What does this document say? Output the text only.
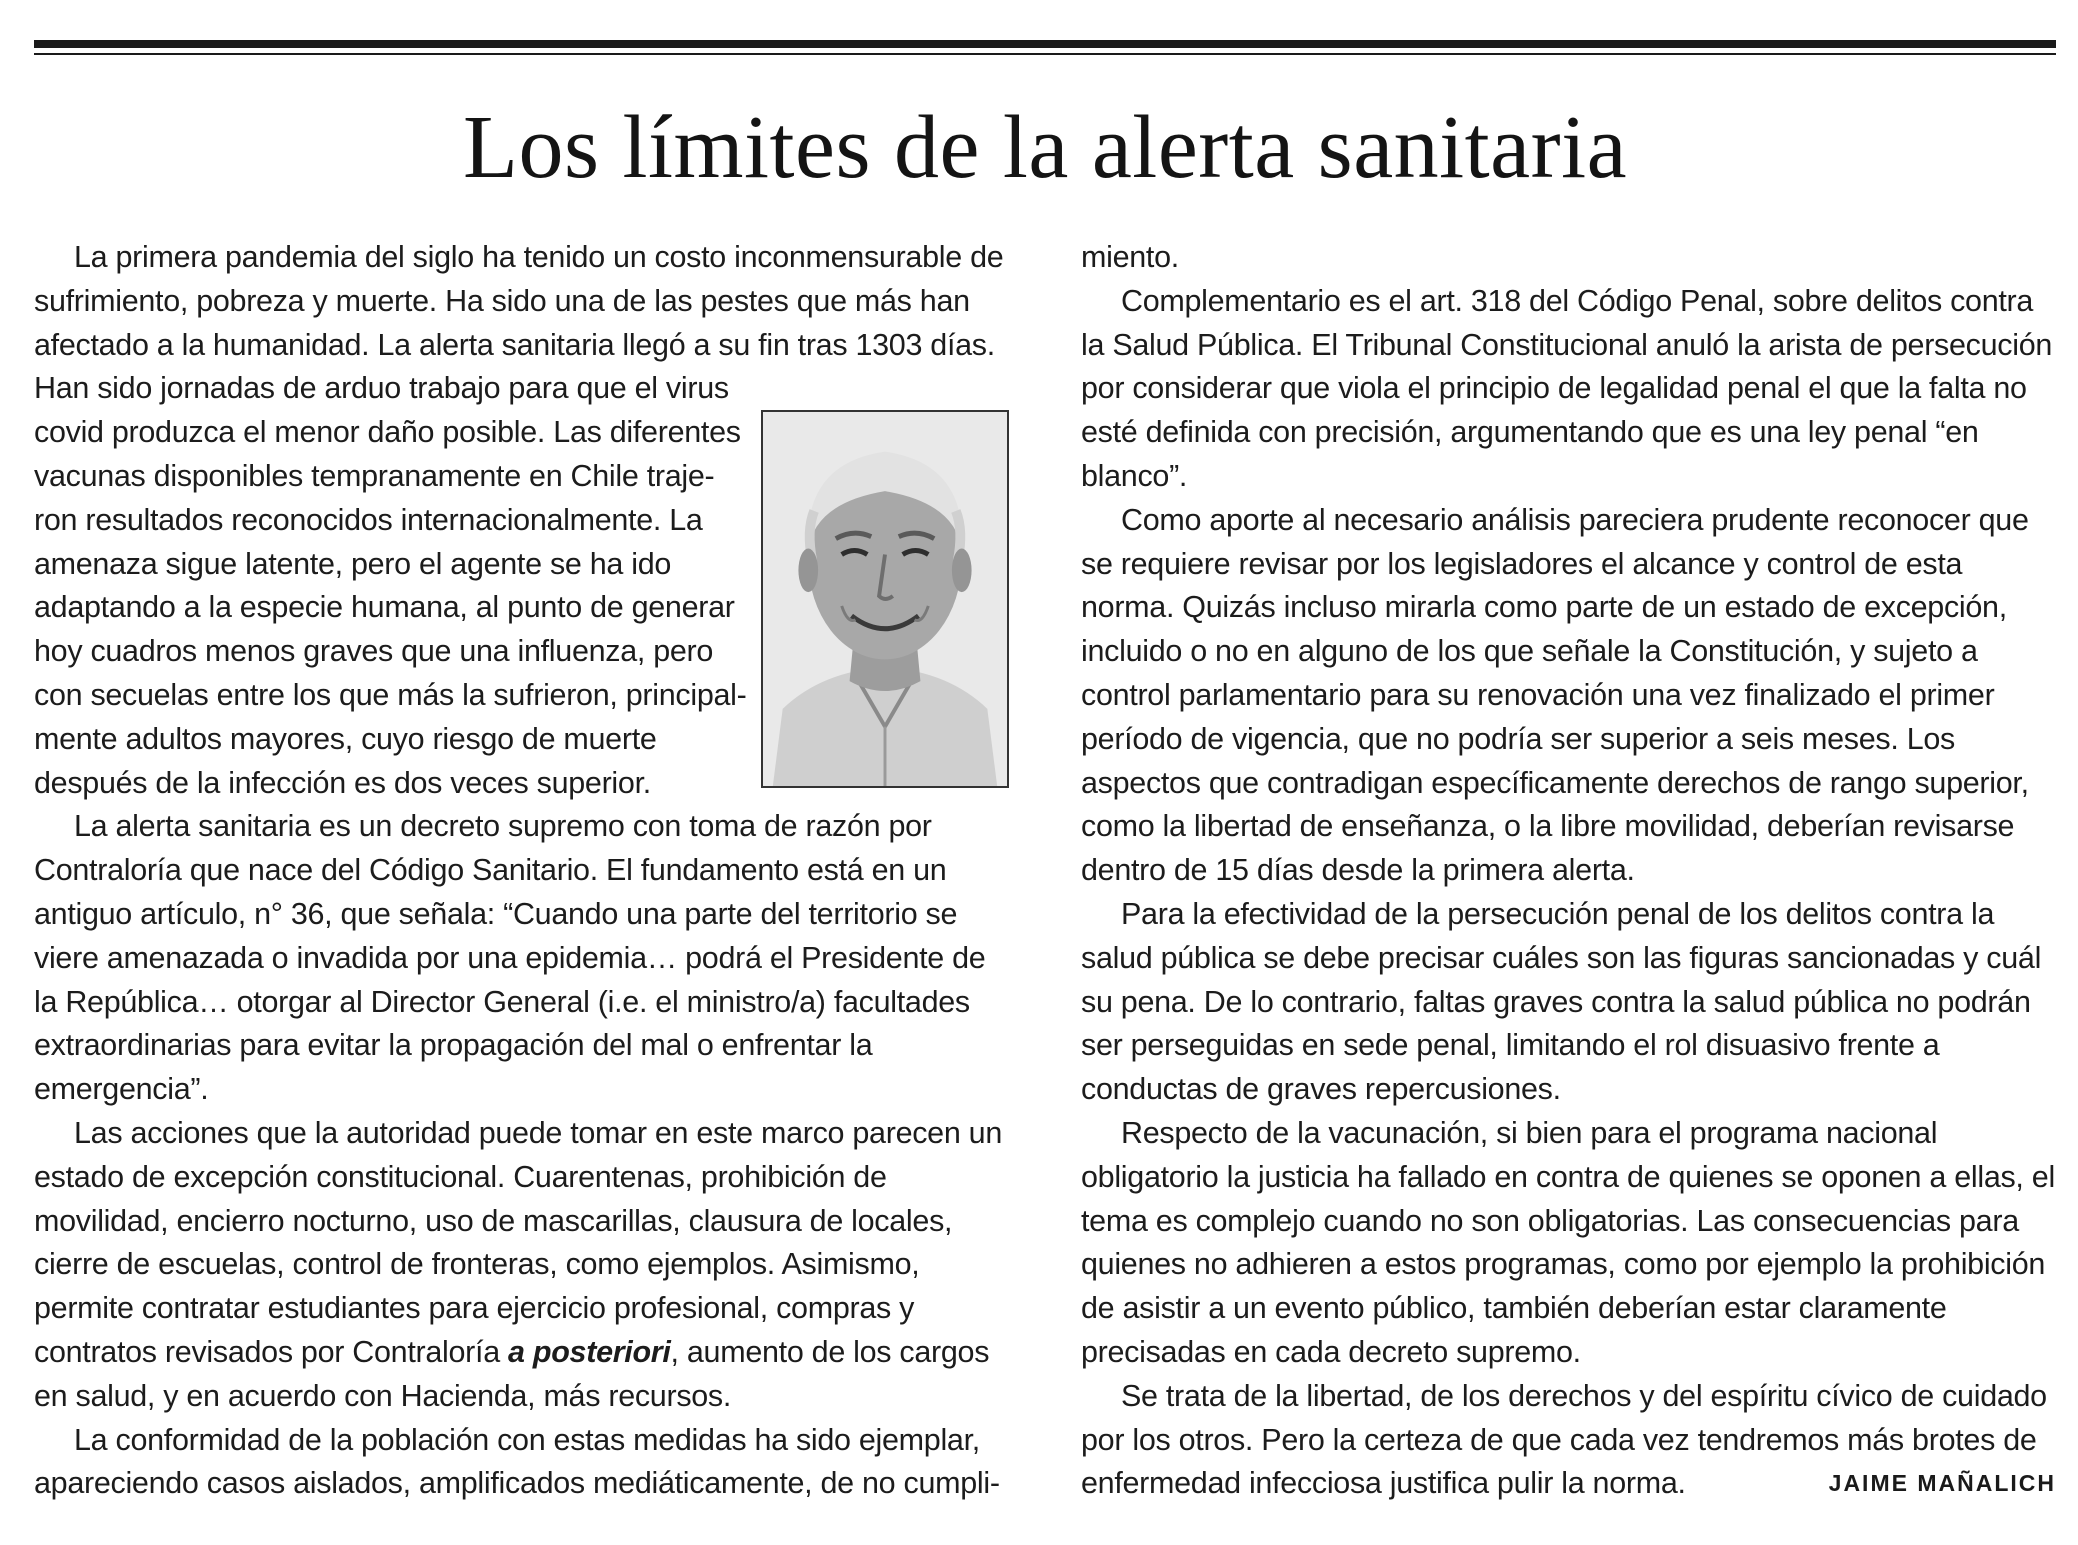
Los límites de la alerta sanitaria

La primera pandemia del siglo ha tenido un costo inconmensurable de
sufrimiento, pobreza y muerte. Ha sido una de las pestes que más han
afectado a la humanidad. La alerta sanitaria llegó a su fin tras 1303 días.
Han sido jornadas de arduo trabajo para que el virus
covid produzca el menor daño posible. Las diferentes
vacunas disponibles tempranamente en Chile traje-
ron resultados reconocidos internacionalmente. La
amenaza sigue latente, pero el agente se ha ido
adaptando a la especie humana, al punto de generar
hoy cuadros menos graves que una influenza, pero
con secuelas entre los que más la sufrieron, principal-
mente adultos mayores, cuyo riesgo de muerte
después de la infección es dos veces superior.

La alerta sanitaria es un decreto supremo con toma de razón por Contraloría que nace del Código Sanitario. El fundamento está en un antiguo artículo, n° 36, que señala: “Cuando una parte del territorio se viere amenazada o invadida por una epidemia… podrá el Presidente de la República… otorgar al Director General (i.e. el ministro/a) facultades extraordinarias para evitar la propagación del mal o enfrentar la emergencia”.

Las acciones que la autoridad puede tomar en este marco parecen un estado de excepción constitucional. Cuarentenas, prohibición de movilidad, encierro nocturno, uso de mascarillas, clausura de locales, cierre de escuelas, control de fronteras, como ejemplos. Asimismo, permite contratar estudiantes para ejercicio profesional, compras y contratos revisados por Contraloría a posteriori, aumento de los cargos en salud, y en acuerdo con Hacienda, más recursos.

La conformidad de la población con estas medidas ha sido ejemplar, apareciendo casos aislados, amplificados mediáticamente, de no cumpli-

miento.

Complementario es el art. 318 del Código Penal, sobre delitos contra la Salud Pública. El Tribunal Constitucional anuló la arista de persecución por considerar que viola el principio de legalidad penal el que la falta no esté definida con precisión, argumentando que es una ley penal “en blanco”.

Como aporte al necesario análisis pareciera prudente reconocer que se requiere revisar por los legisladores el alcance y control de esta norma. Quizás incluso mirarla como parte de un estado de excepción, incluido o no en alguno de los que señale la Constitución, y sujeto a control parlamentario para su renovación una vez finalizado el primer período de vigencia, que no podría ser superior a seis meses. Los aspectos que contradigan específicamente derechos de rango superior, como la libertad de enseñanza, o la libre movilidad, deberían revisarse dentro de 15 días desde la primera alerta.

Para la efectividad de la persecución penal de los delitos contra la salud pública se debe precisar cuáles son las figuras sancionadas y cuál su pena. De lo contrario, faltas graves contra la salud pública no podrán ser perseguidas en sede penal, limitando el rol disuasivo frente a conductas de graves repercusiones.

Respecto de la vacunación, si bien para el programa nacional obligatorio la justicia ha fallado en contra de quienes se oponen a ellas, el tema es complejo cuando no son obligatorias. Las consecuencias para quienes no adhieren a estos programas, como por ejemplo la prohibición de asistir a un evento público, también deberían estar claramente precisadas en cada decreto supremo.

Se trata de la libertad, de los derechos y del espíritu cívico de cuidado por los otros. Pero la certeza de que cada vez tendremos más brotes de enfermedad infecciosa justifica pulir la norma.	JAIME MAÑALICH
